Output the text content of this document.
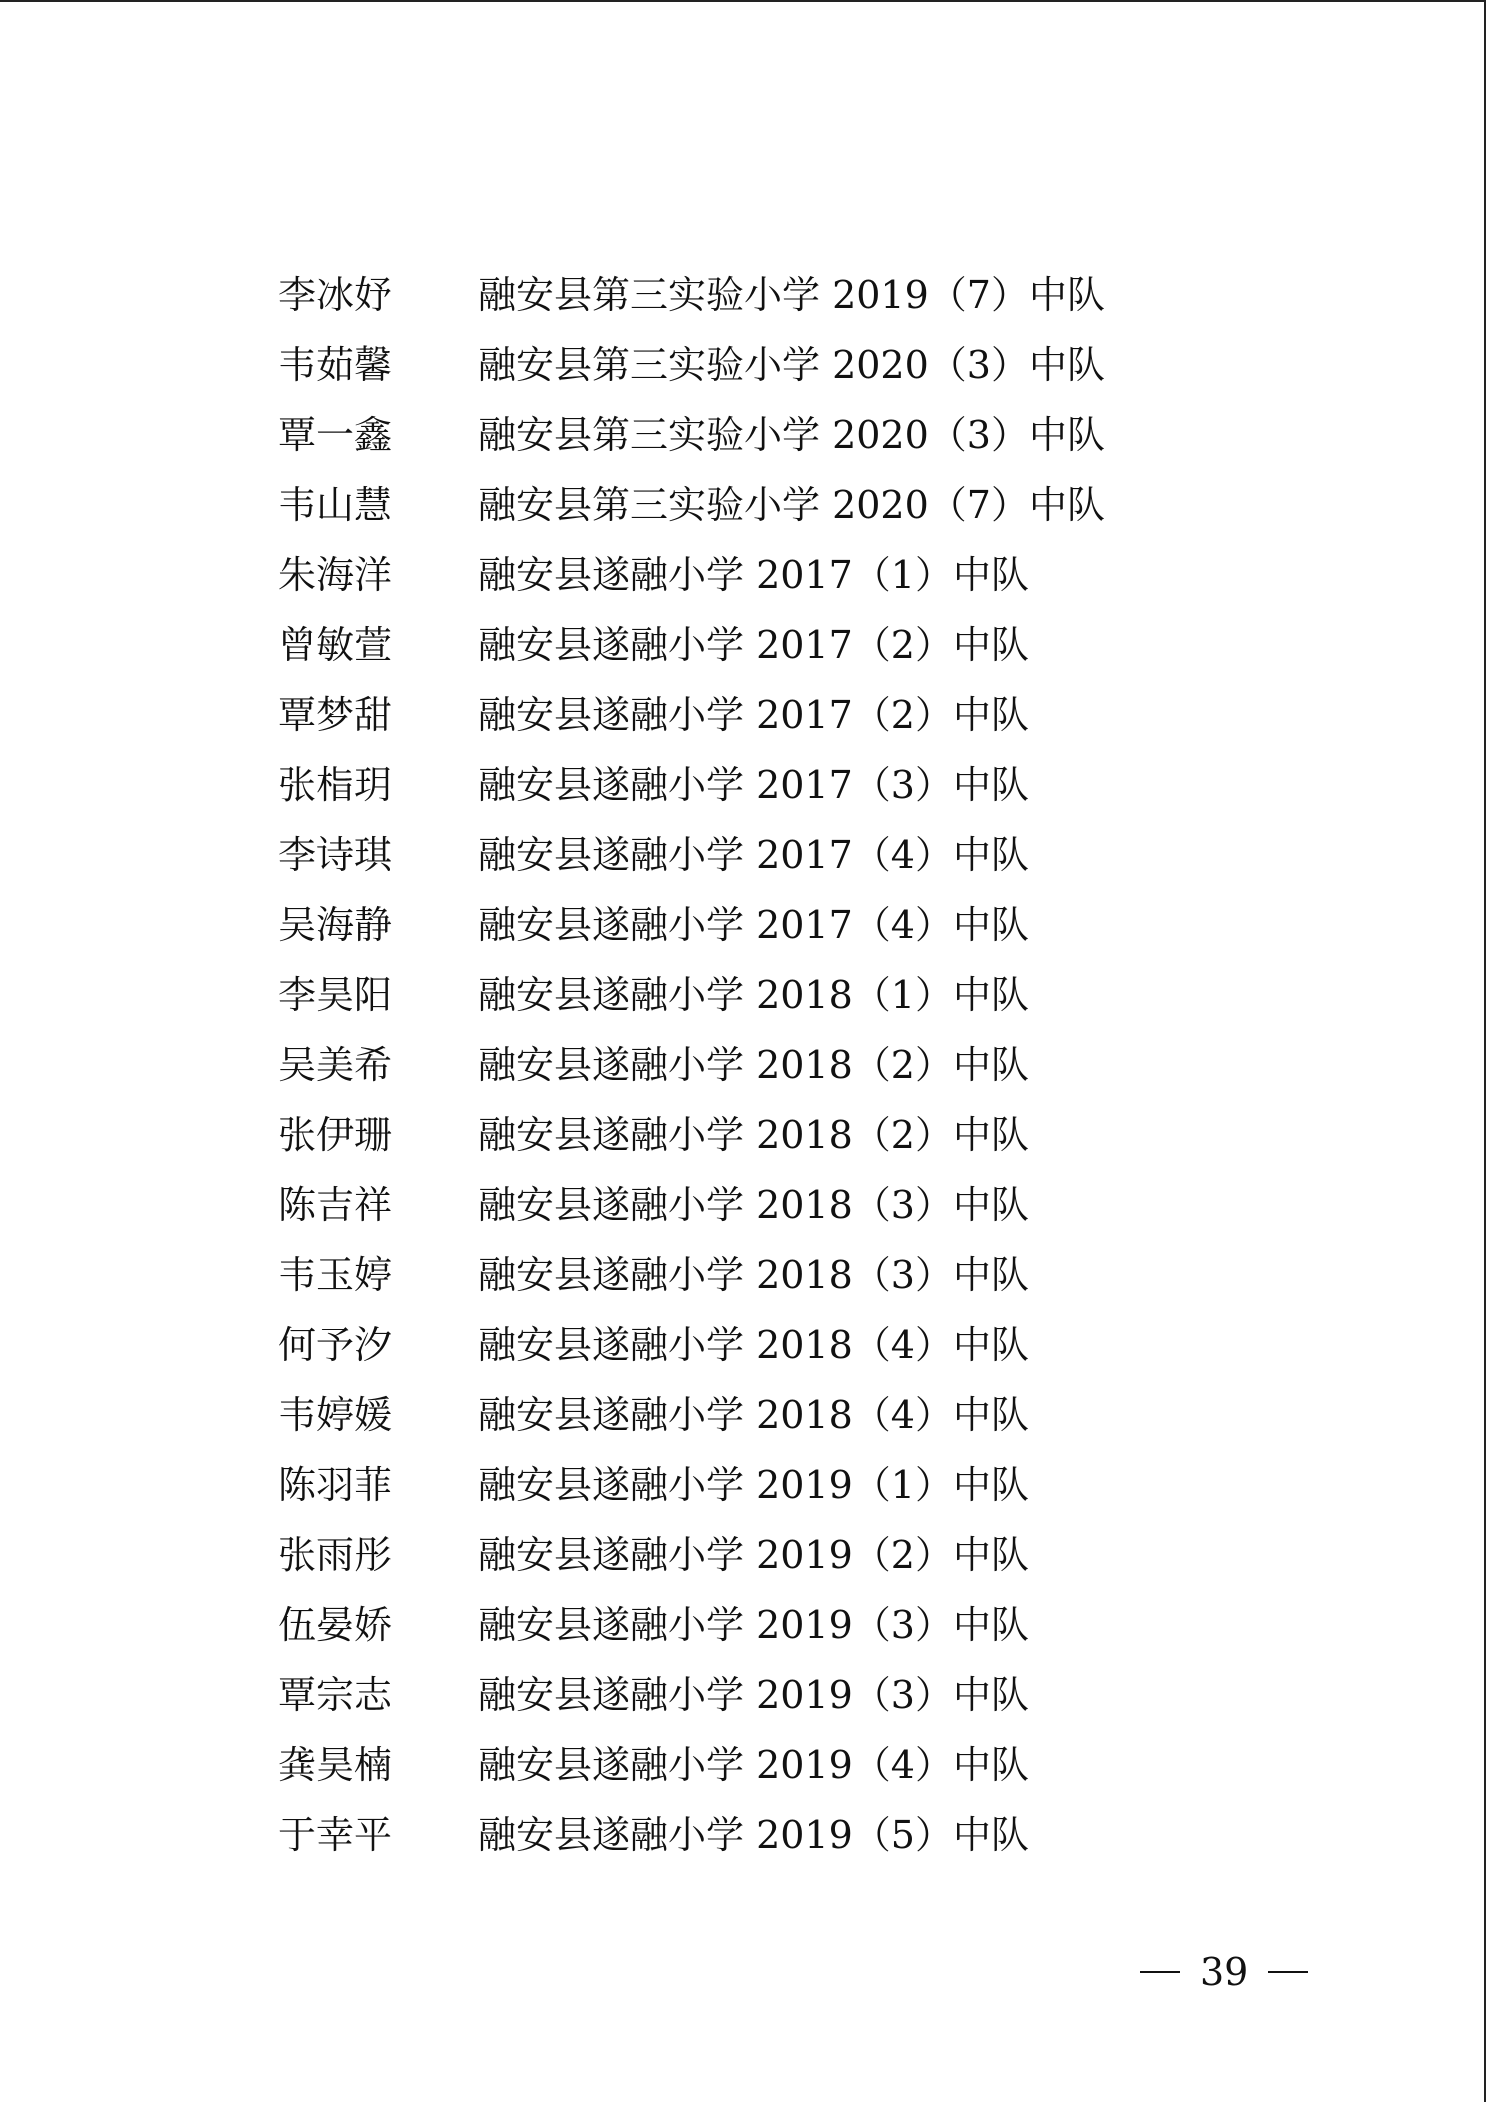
李冰妤	融安县第三实验小学 2019（7）中队
韦茹馨	融安县第三实验小学 2020（3）中队
覃一鑫	融安县第三实验小学 2020（3）中队
韦山慧	融安县第三实验小学 2020（7）中队
朱海洋	融安县遂融小学 2017（1）中队
曾敏萱	融安县遂融小学 2017（2）中队
覃梦甜	融安县遂融小学 2017（2）中队
张栺玥	融安县遂融小学 2017（3）中队
李诗琪	融安县遂融小学 2017（4）中队
吴海静	融安县遂融小学 2017（4）中队
李昊阳	融安县遂融小学 2018（1）中队
吴美希	融安县遂融小学 2018（2）中队
张伊珊	融安县遂融小学 2018（2）中队
陈吉祥	融安县遂融小学 2018（3）中队
韦玉婷	融安县遂融小学 2018（3）中队
何予汐	融安县遂融小学 2018（4）中队
韦婷媛	融安县遂融小学 2018（4）中队
陈羽菲	融安县遂融小学 2019（1）中队
张雨彤	融安县遂融小学 2019（2）中队
伍晏娇	融安县遂融小学 2019（3）中队
覃宗志	融安县遂融小学 2019（3）中队
龚昊楠	融安县遂融小学 2019（4）中队
于幸平	融安县遂融小学 2019（5）中队
39
